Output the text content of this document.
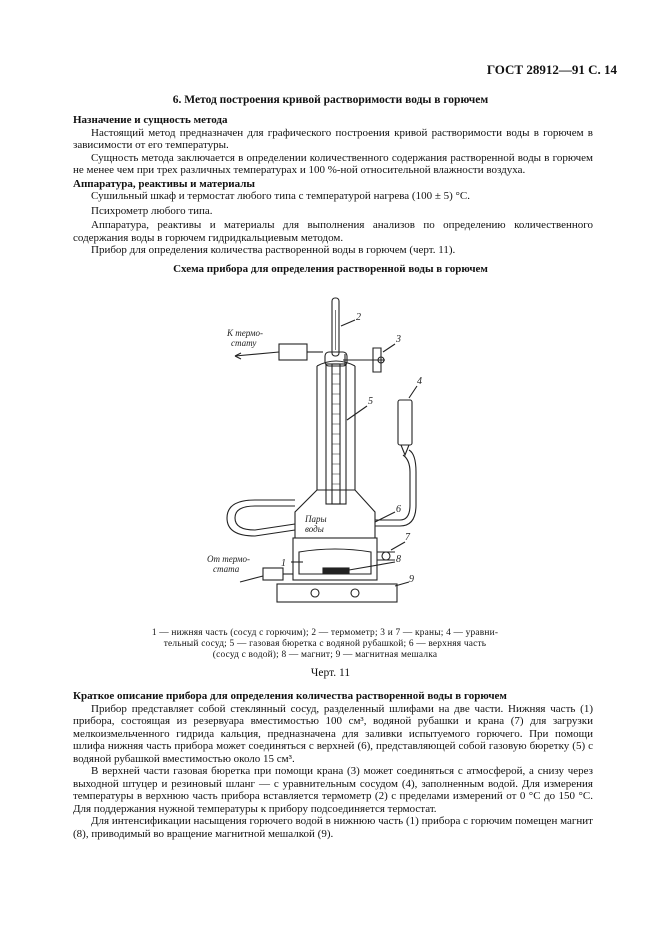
ГОСТ 28912—91 С. 14
6. Метод построения кривой растворимости воды в горючем

Назначение и сущность метода

Настоящий метод предназначен для графического построения кривой растворимости воды в горючем в зависимости от его температуры.

Сущность метода заключается в определении количественного содержания растворенной воды в горючем не менее чем при трех различных температурах и 100 %-ной относительной влажности воздуха.

Аппаратура, реактивы и материалы

Сушильный шкаф и термостат любого типа с температурой нагрева (100 ± 5) °С.

Психрометр любого типа.

Аппаратура, реактивы и материалы для выполнения анализов по определению количественного содержания воды в горючем гидридкальциевым методом.

Прибор для определения количества растворенной воды в горючем (черт. 11).

Схема прибора для определения растворенной воды в горючем
К термо-
стату
От термо-
стата
Пары
воды
2
3
4
5
6
7
8
9
1
1 — нижняя часть (сосуд с горючим); 2 — термометр; 3 и 7 — краны; 4 — уравни-
тельный сосуд; 5 — газовая бюретка с водяной рубашкой; 6 — верхняя часть
(сосуд с водой); 8 — магнит; 9 — магнитная мешалка
Черт. 11

Краткое описание прибора для определения количества растворенной воды в горючем

Прибор представляет собой стеклянный сосуд, разделенный шлифами на две части. Нижняя часть (1) прибора, состоящая из резервуара вместимостью 100 см³, водяной рубашки и крана (7) для загрузки мелкоизмельченного гидрида кальция, предназначена для заливки испытуемого горючего. При помощи шлифа нижняя часть прибора может соединяться с верхней (6), представляющей собой газовую бюретку (5) с водяной рубашкой вместимостью около 15 см³.

В верхней части газовая бюретка при помощи крана (3) может соединяться с атмосферой, а снизу через выходной штуцер и резиновый шланг — с уравнительным сосудом (4), заполненным водой. Для измерения температуры в верхнюю часть прибора вставляется термометр (2) с пределами измерений от 0 °С до 150 °С. Для поддержания нужной температуры к прибору подсоединяется термостат.

Для интенсификации насыщения горючего водой в нижнюю часть (1) прибора с горючим помещен магнит (8), приводимый во вращение магнитной мешалкой (9).
